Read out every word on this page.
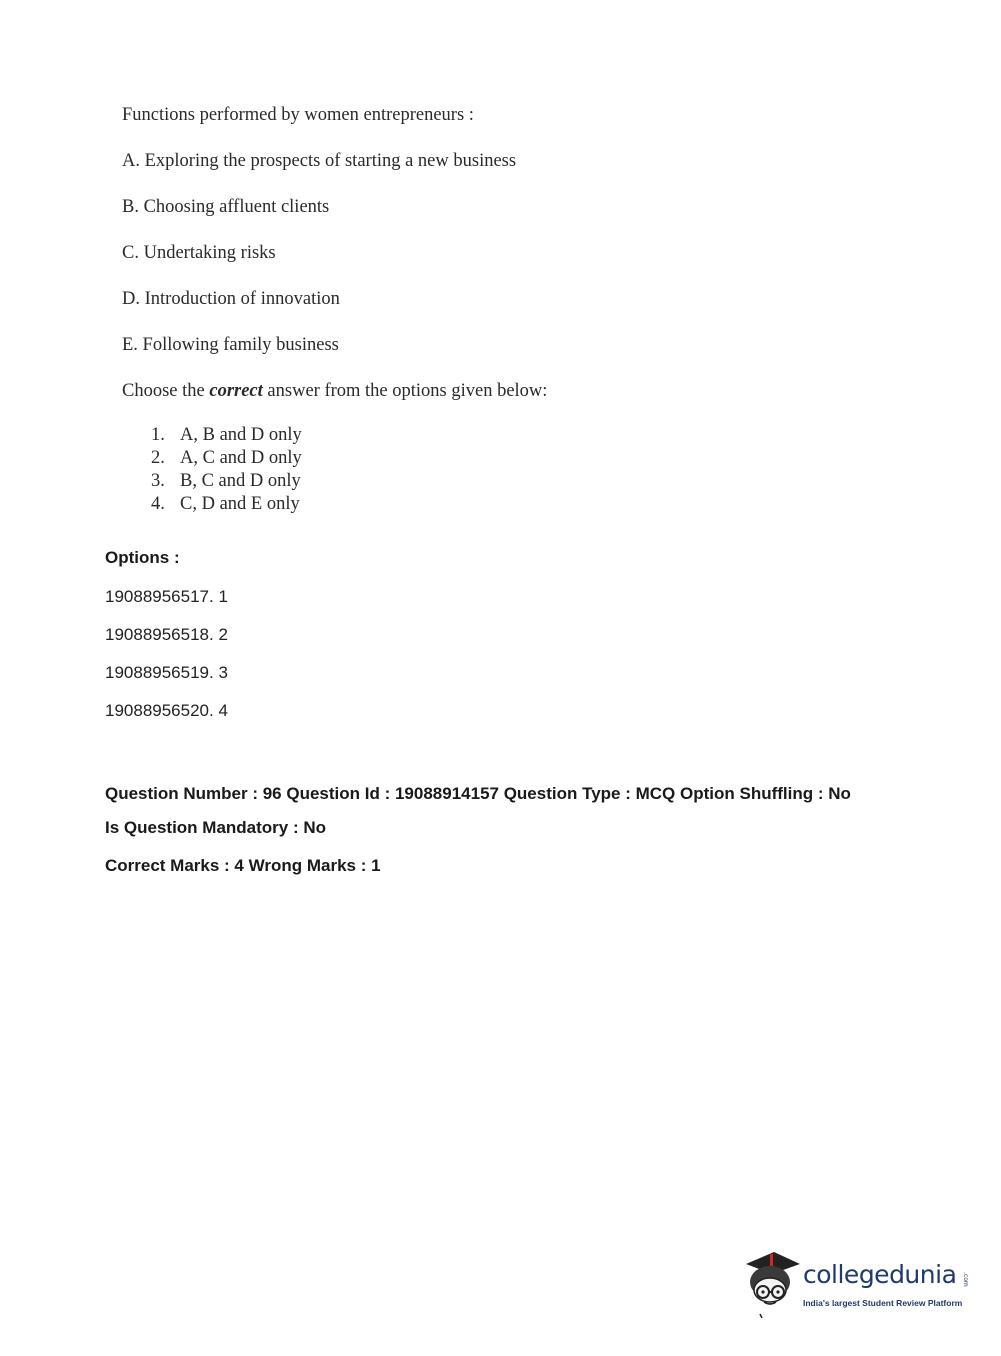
Functions performed by women entrepreneurs :

A. Exploring the prospects of starting a new business

B. Choosing affluent clients

C. Undertaking risks

D. Introduction of innovation

E. Following family business

Choose the correct answer from the options given below:

1. A, B and D only
2. A, C and D only
3. B, C and D only
4. C, D and E only
Options :
19088956517. 1
19088956518. 2
19088956519. 3
19088956520. 4
Question Number : 96 Question Id : 19088914157 Question Type : MCQ Option Shuffling : No
Is Question Mandatory : No
Correct Marks : 4 Wrong Marks : 1
collegedunia .com
India's largest Student Review Platform
